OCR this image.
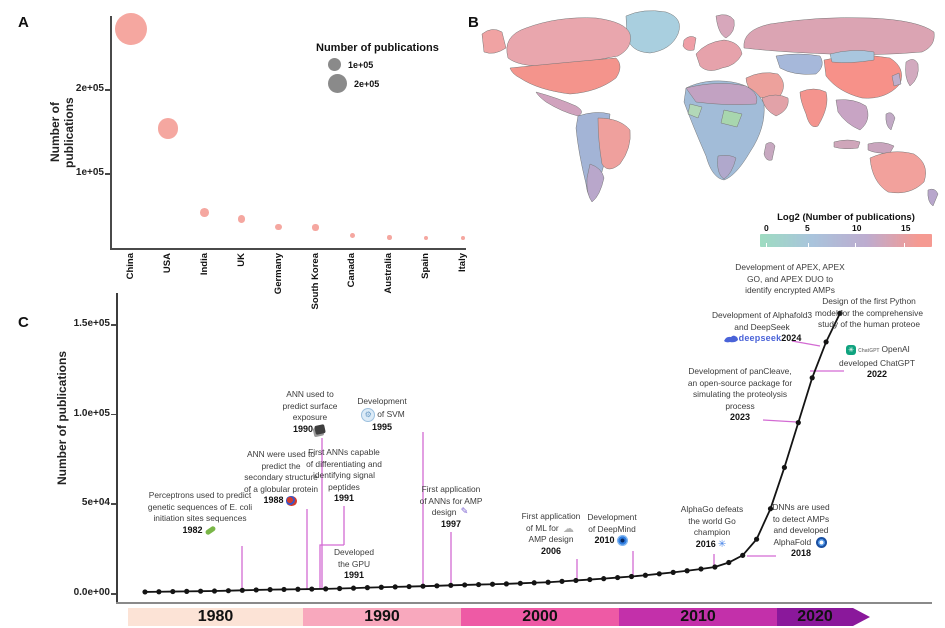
A
Number of publications
China	USA	India	UK	Germany	South Korea	Canada	Australia	Spain	Italy
Number of publications
1e+05
2e+05
B
Log2 (Number of publications)
0	5	10	15
C
Number of publications
Perceptrons used to predict
genetic sequences of E. coli
initiation sites sequences
1982
ANN were used to
predict the
secondary structure
of a globular protein
1988
ANN used to
predict surface
exposure
1990
First ANNs capable
of differentiating and
identifying signal
peptides
1991
Developed
the GPU
1991
Development
⚙ of SVM
1995
First application
of ANNs for AMP
design ✎
1997
First application
of ML for ☁
AMP design
2006
Development
of DeepMind
2010
AlphaGo defeats
the world Go
champion
2016 ✳
DNNs are used
to detect AMPs
and developed
AlphaFold
2018
Development of panCleave,
an open-source package for
simulating the proteolysis
process
2023
✳ ChatGPT OpenAI
developed ChatGPT
2022
Development of Alphafold3
and DeepSeek
deepseek2024
Development of APEX, APEX
GO, and APEX DUO to
identify encrypted AMPs
Design of the first Python
model for the comprehensive
study of the human proteoe
1980	1990	2000	2010	2020
2e+05
1e+05
0.0e+00
5e+04
1.0e+05
1.5e+05
